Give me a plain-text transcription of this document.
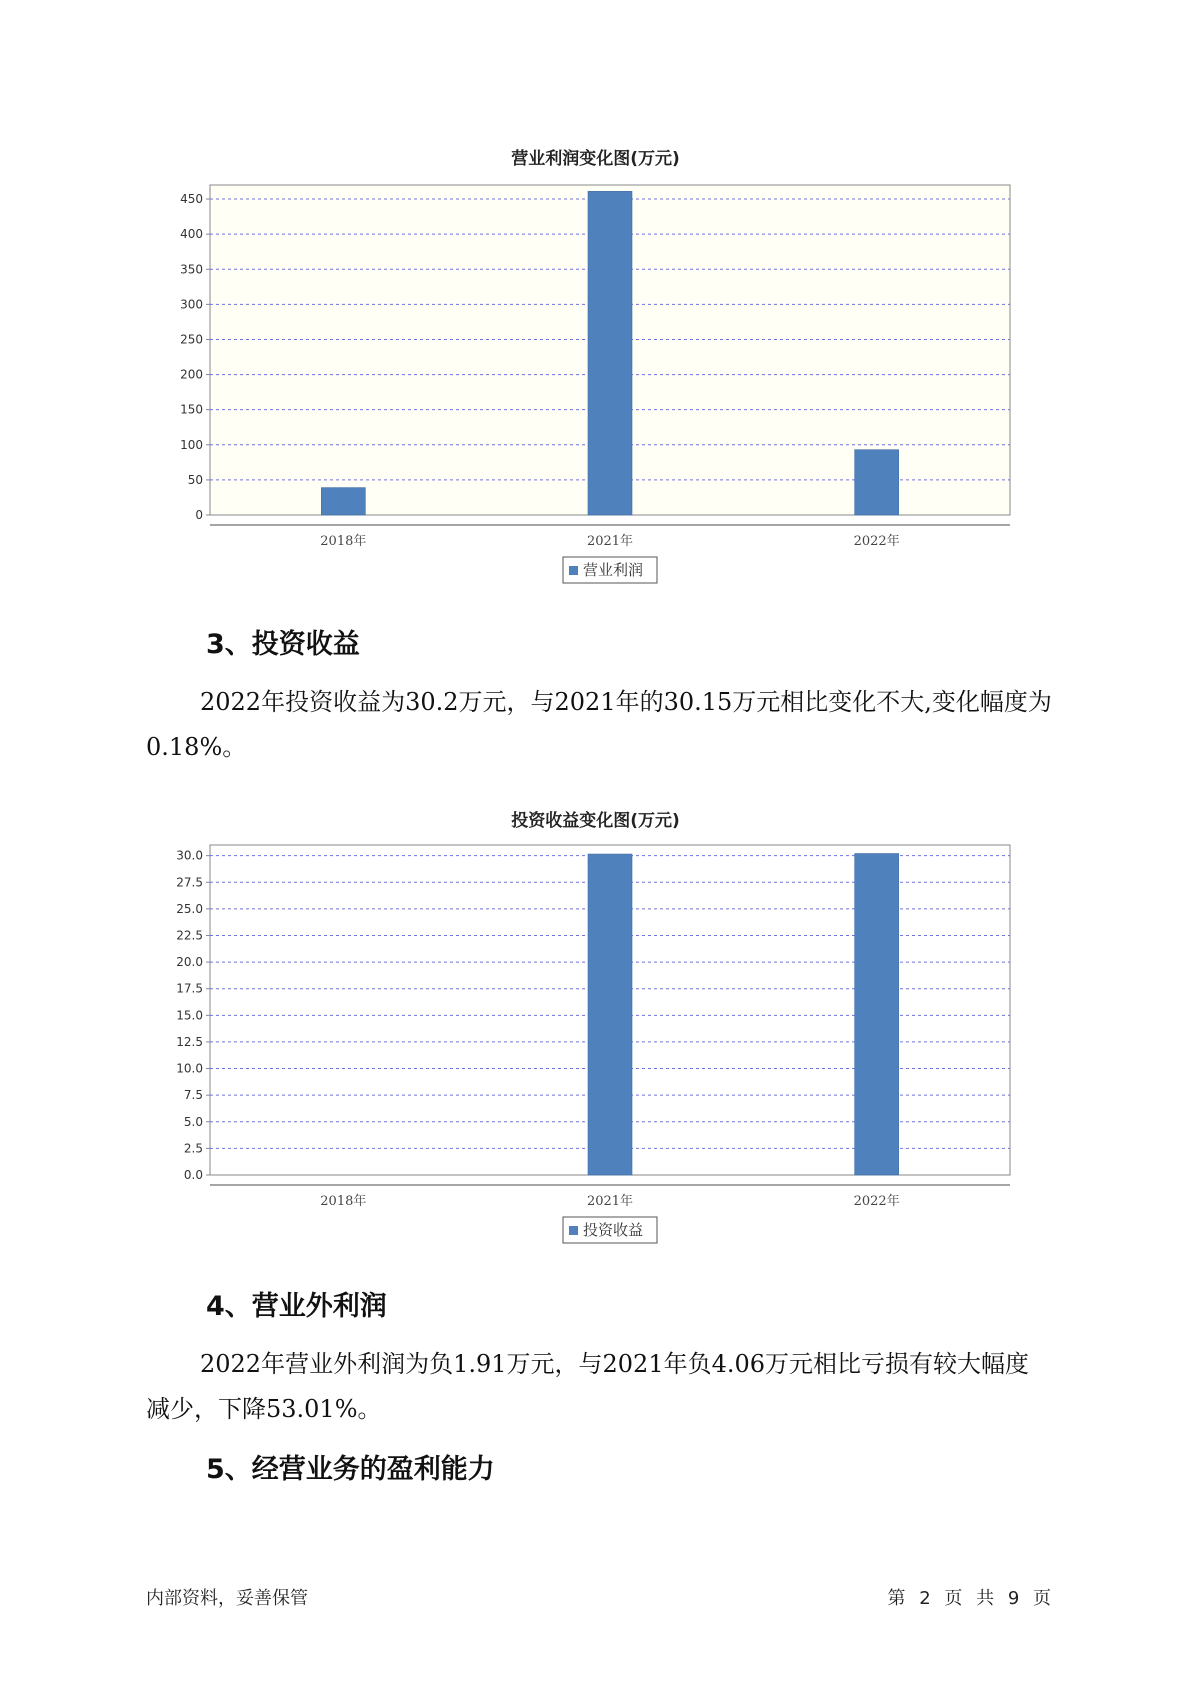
营业利润变化图(万元)
0
50
100
150
200
250
300
350
400
450
2018年	2021年	2022年
营业利润
3、投资收益
2022年投资收益为30.2万元，与2021年的30.15万元相比变化不大,变化幅度为0.18%。
投资收益变化图(万元)
0.0
2.5
5.0
7.5
10.0
12.5
15.0
17.5
20.0
22.5
25.0
27.5
30.0
2018年	2021年	2022年
投资收益
4、营业外利润
2022年营业外利润为负1.91万元，与2021年负4.06万元相比亏损有较大幅度减少，下降53.01%。
5、经营业务的盈利能力
内部资料，妥善保管	第 2 页 共 9 页
